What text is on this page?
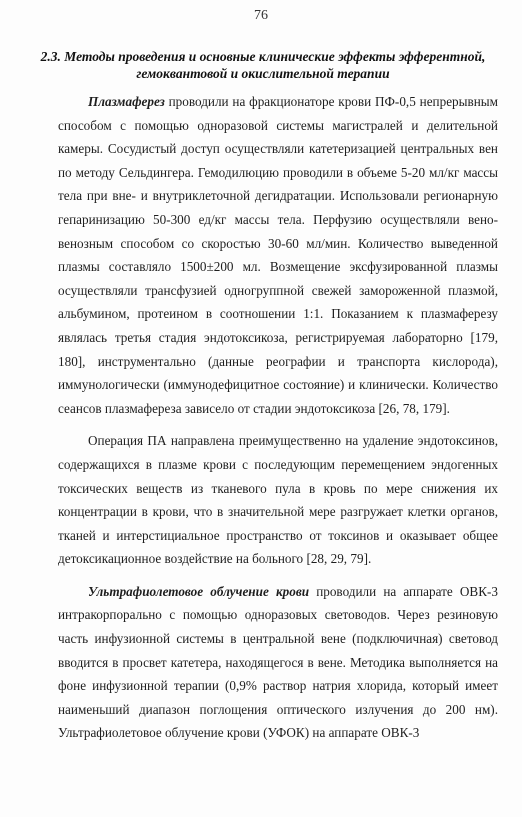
76
2.3. Методы проведения и основные клинические эффекты эфферентной,
гемоквантовой и окислительной терапии

Плазмаферез проводили на фракционаторе крови ПФ-0,5 непрерывным способом с помощью одноразовой системы магистралей и делительной камеры. Сосудистый доступ осуществляли катетеризацией центральных вен по методу Сельдингера. Гемодилюцию проводили в объеме 5-20 мл/кг массы тела при вне- и внутриклеточной дегидратации. Использовали регионарную гепаринизацию 50-300 ед/кг массы тела. Перфузию осуществляли вено-венозным способом со скоростью 30-60 мл/мин. Количество выведенной плазмы составляло 1500±200 мл. Возмещение эксфузированной плазмы осуществляли трансфузией одногруппной свежей замороженной плазмой, альбумином, протеином в соотношении 1:1. Показанием к плазмаферезу являлась третья стадия эндотоксикоза, регистрируемая лабораторно [179, 180], инструментально (данные реографии и транспорта кислорода), иммунологически (иммунодефицитное состояние) и клинически. Количество сеансов плазмафереза зависело от стадии эндотоксикоза [26, 78, 179].

Операция ПА направлена преимущественно на удаление эндотоксинов, содержащихся в плазме крови с последующим перемещением эндогенных токсических веществ из тканевого пула в кровь по мере снижения их концентрации в крови, что в значительной мере разгружает клетки органов, тканей и интерстициальное пространство от токсинов и оказывает общее детоксикационное воздействие на больного [28, 29, 79].

Ультрафиолетовое облучение крови проводили на аппарате ОВК-3 интракорпорально с помощью одноразовых световодов. Через резиновую часть инфузионной системы в центральной вене (подключичная) световод вводится в просвет катетера, находящегося в вене. Методика выполняется на фоне инфузионной терапии (0,9% раствор натрия хлорида, который имеет наименьший диапазон поглощения оптического излучения до 200 нм). Ультрафиолетовое облучение крови (УФОК) на аппарате ОВК-3
